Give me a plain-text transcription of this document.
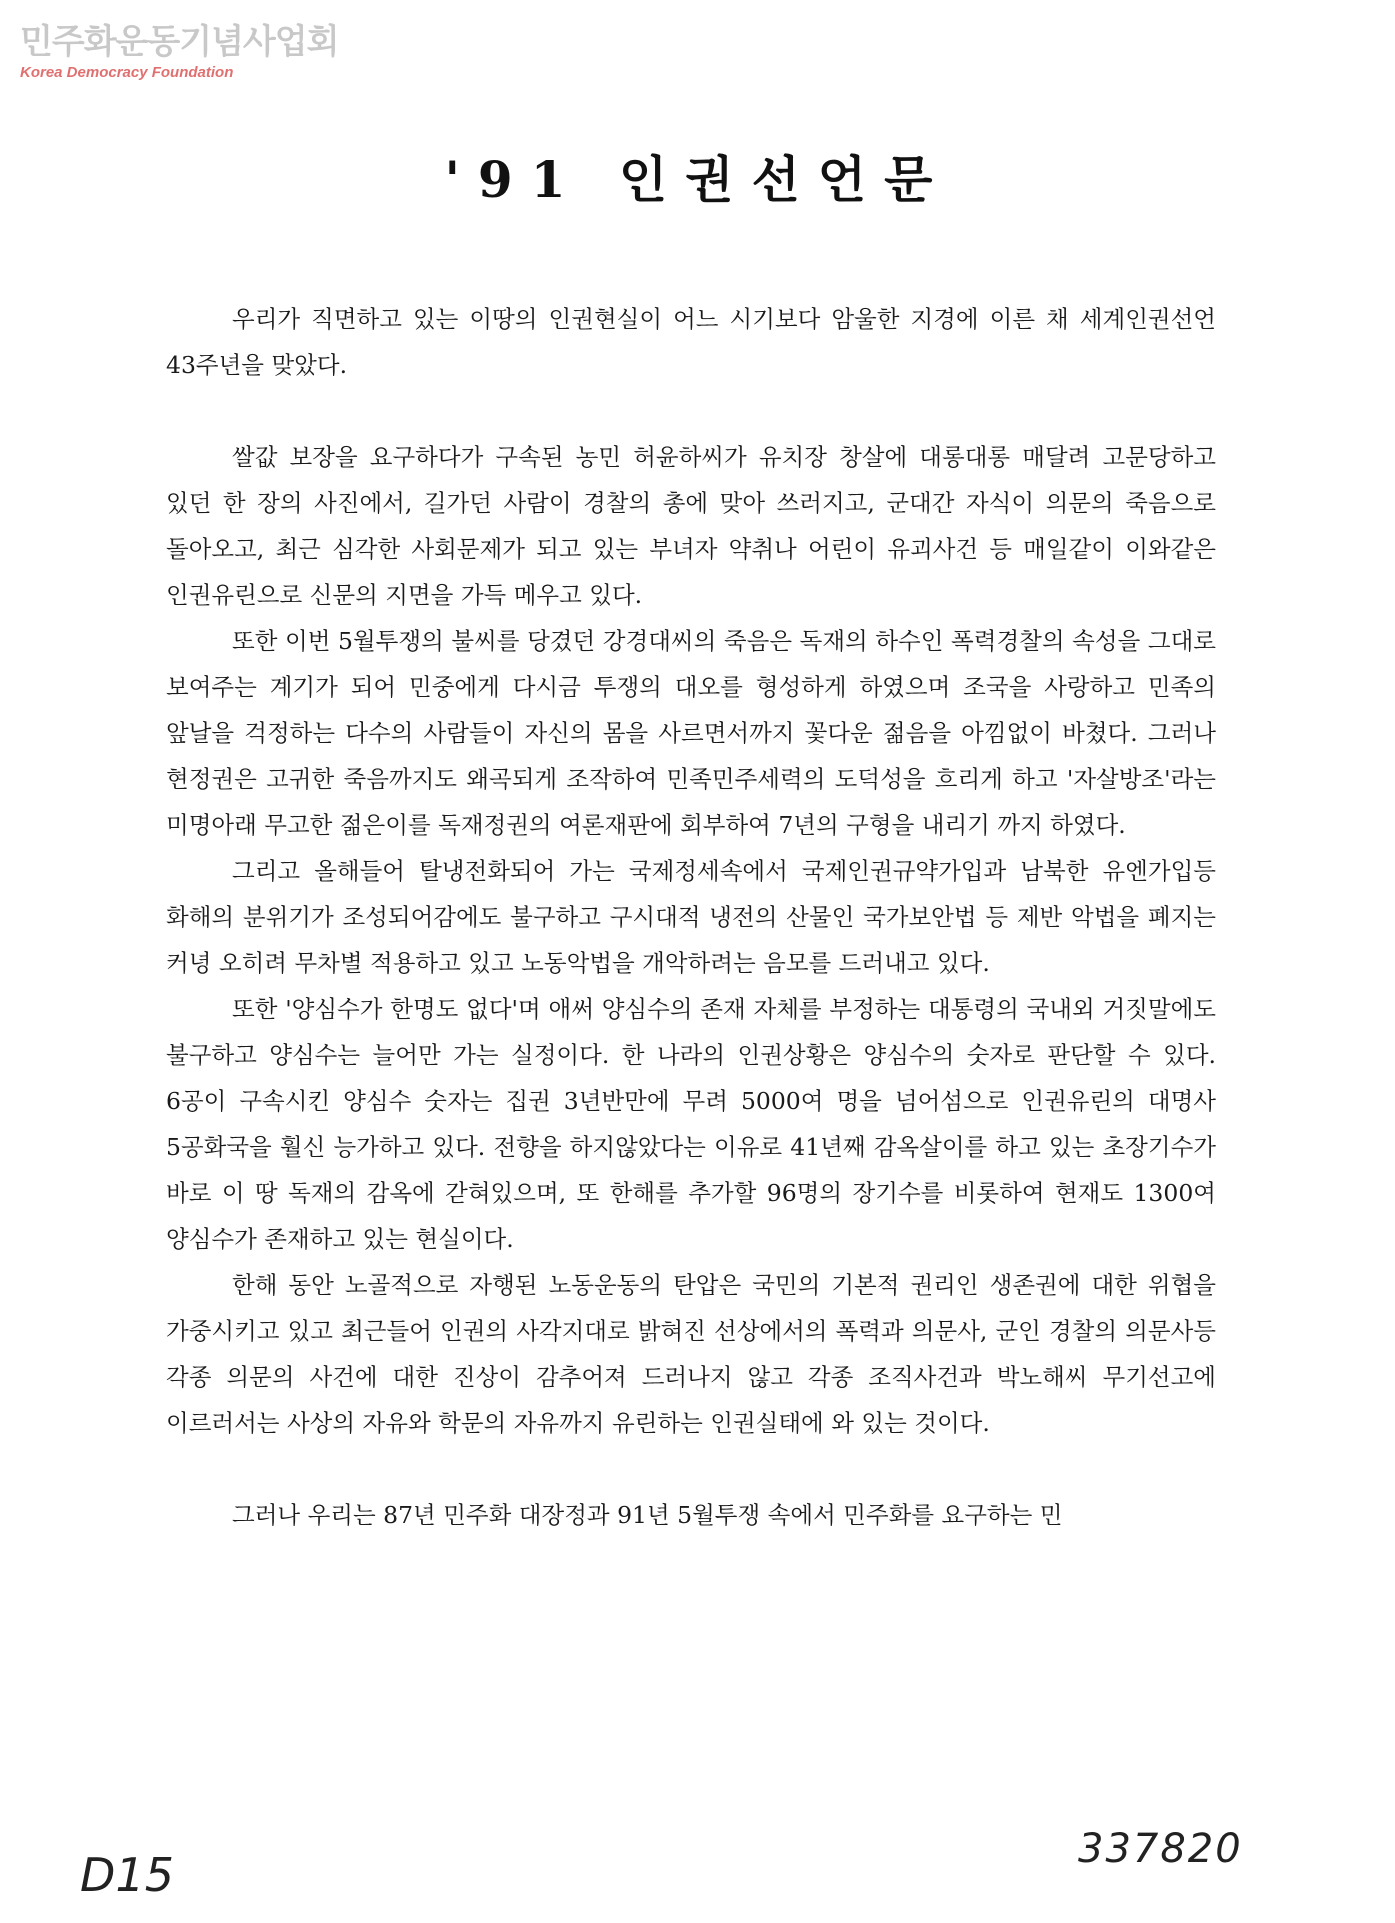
민주화운동기념사업회
Korea Democracy Foundation
'91 인권선언문

우리가 직면하고 있는 이땅의 인권현실이 어느 시기보다 암울한 지경에 이른 채 세계인권선언 43주년을 맞았다.

쌀값 보장을 요구하다가 구속된 농민 허윤하씨가 유치장 창살에 대롱대롱 매달려 고문당하고 있던 한 장의 사진에서, 길가던 사람이 경찰의 총에 맞아 쓰러지고, 군대간 자식이 의문의 죽음으로 돌아오고, 최근 심각한 사회문제가 되고 있는 부녀자 약취나 어린이 유괴사건 등 매일같이 이와같은 인권유린으로 신문의 지면을 가득 메우고 있다.

또한 이번 5월투쟁의 불씨를 당겼던 강경대씨의 죽음은 독재의 하수인 폭력경찰의 속성을 그대로 보여주는 계기가 되어 민중에게 다시금 투쟁의 대오를 형성하게 하였으며 조국을 사랑하고 민족의 앞날을 걱정하는 다수의 사람들이 자신의 몸을 사르면서까지 꽃다운 젊음을 아낌없이 바쳤다. 그러나 현정권은 고귀한 죽음까지도 왜곡되게 조작하여 민족민주세력의 도덕성을 흐리게 하고 '자살방조'라는 미명아래 무고한 젊은이를 독재정권의 여론재판에 회부하여 7년의 구형을 내리기 까지 하였다.

그리고 올해들어 탈냉전화되어 가는 국제정세속에서 국제인권규약가입과 남북한 유엔가입등 화해의 분위기가 조성되어감에도 불구하고 구시대적 냉전의 산물인 국가보안법 등 제반 악법을 폐지는 커녕 오히려 무차별 적용하고 있고 노동악법을 개악하려는 음모를 드러내고 있다.

또한 '양심수가 한명도 없다'며 애써 양심수의 존재 자체를 부정하는 대통령의 국내외 거짓말에도 불구하고 양심수는 늘어만 가는 실정이다. 한 나라의 인권상황은 양심수의 숫자로 판단할 수 있다. 6공이 구속시킨 양심수 숫자는 집권 3년반만에 무려 5000여 명을 넘어섬으로 인권유린의 대명사 5공화국을 훨신 능가하고 있다. 전향을 하지않았다는 이유로 41년째 감옥살이를 하고 있는 초장기수가 바로 이 땅 독재의 감옥에 갇혀있으며, 또 한해를 추가할 96명의 장기수를 비롯하여 현재도 1300여 양심수가 존재하고 있는 현실이다.

한해 동안 노골적으로 자행된 노동운동의 탄압은 국민의 기본적 권리인 생존권에 대한 위협을 가중시키고 있고 최근들어 인권의 사각지대로 밝혀진 선상에서의 폭력과 의문사, 군인 경찰의 의문사등 각종 의문의 사건에 대한 진상이 감추어져 드러나지 않고 각종 조직사건과 박노해씨 무기선고에 이르러서는 사상의 자유와 학문의 자유까지 유린하는 인권실태에 와 있는 것이다.

그러나 우리는 87년 민주화 대장정과 91년 5월투쟁 속에서 민주화를 요구하는 민

D15	337820
